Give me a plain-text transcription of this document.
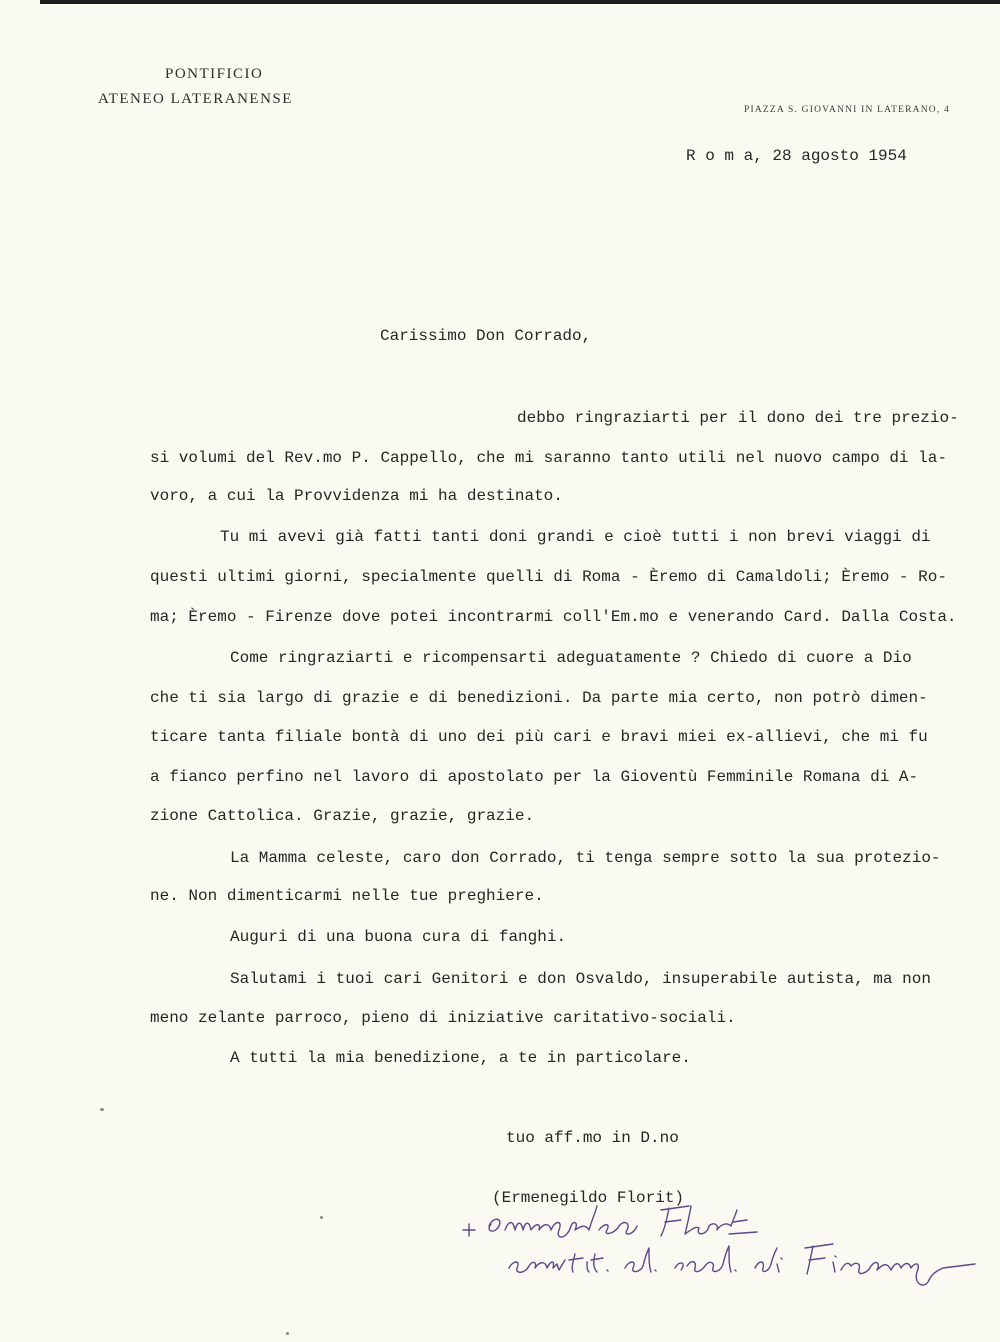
PONTIFICIO
ATENEO LATERANENSE
PIAZZA S. GIOVANNI IN LATERANO, 4
R o m a, 28 agosto 1954
Carissimo Don Corrado,
debbo ringraziarti per il dono dei tre prezio-
si volumi del Rev.mo P. Cappello, che mi saranno tanto utili nel nuovo campo di la-
voro, a cui la Provvidenza mi ha destinato.
Tu mi avevi già fatti tanti doni grandi e cioè tutti i non brevi viaggi di
questi ultimi giorni, specialmente quelli di Roma - Èremo di Camaldoli; Èremo - Ro-
ma; Èremo - Firenze dove potei incontrarmi coll'Em.mo e venerando Card. Dalla Costa.
Come ringraziarti e ricompensarti adeguatamente ? Chiedo di cuore a Dio
che ti sia largo di grazie e di benedizioni. Da parte mia certo, non potrò dimen-
ticare tanta filiale bontà di uno dei più cari e bravi miei ex-allievi, che mi fu
a fianco perfino nel lavoro di apostolato per la Gioventù Femminile Romana di A-
zione Cattolica. Grazie, grazie, grazie.
La Mamma celeste, caro don Corrado, ti tenga sempre sotto la sua protezio-
ne. Non dimenticarmi nelle tue preghiere.
Auguri di una buona cura di fanghi.
Salutami i tuoi cari Genitori e don Osvaldo, insuperabile autista, ma non
meno zelante parroco, pieno di iniziative caritativo-sociali.
A tutti la mia benedizione, a te in particolare.
tuo aff.mo in D.no
(Ermenegildo Florit)
